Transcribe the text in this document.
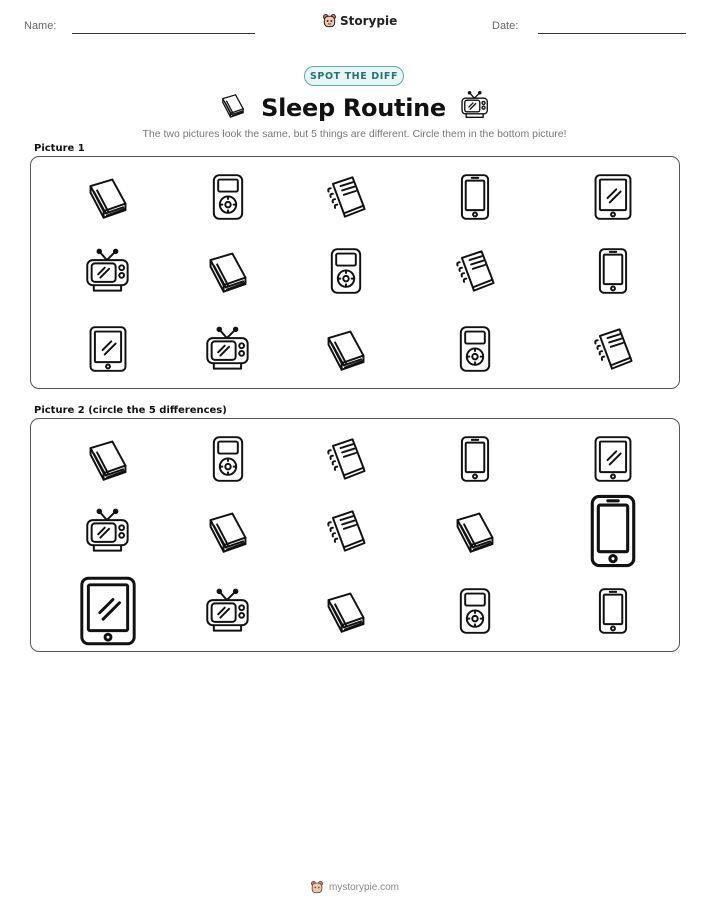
Name:	Storypie	Date:
SPOT THE DIFF
Sleep Routine
The two pictures look the same, but 5 things are different. Circle them in the bottom picture!
Picture 1
Picture 2 (circle the 5 differences)
mystorypie.com
